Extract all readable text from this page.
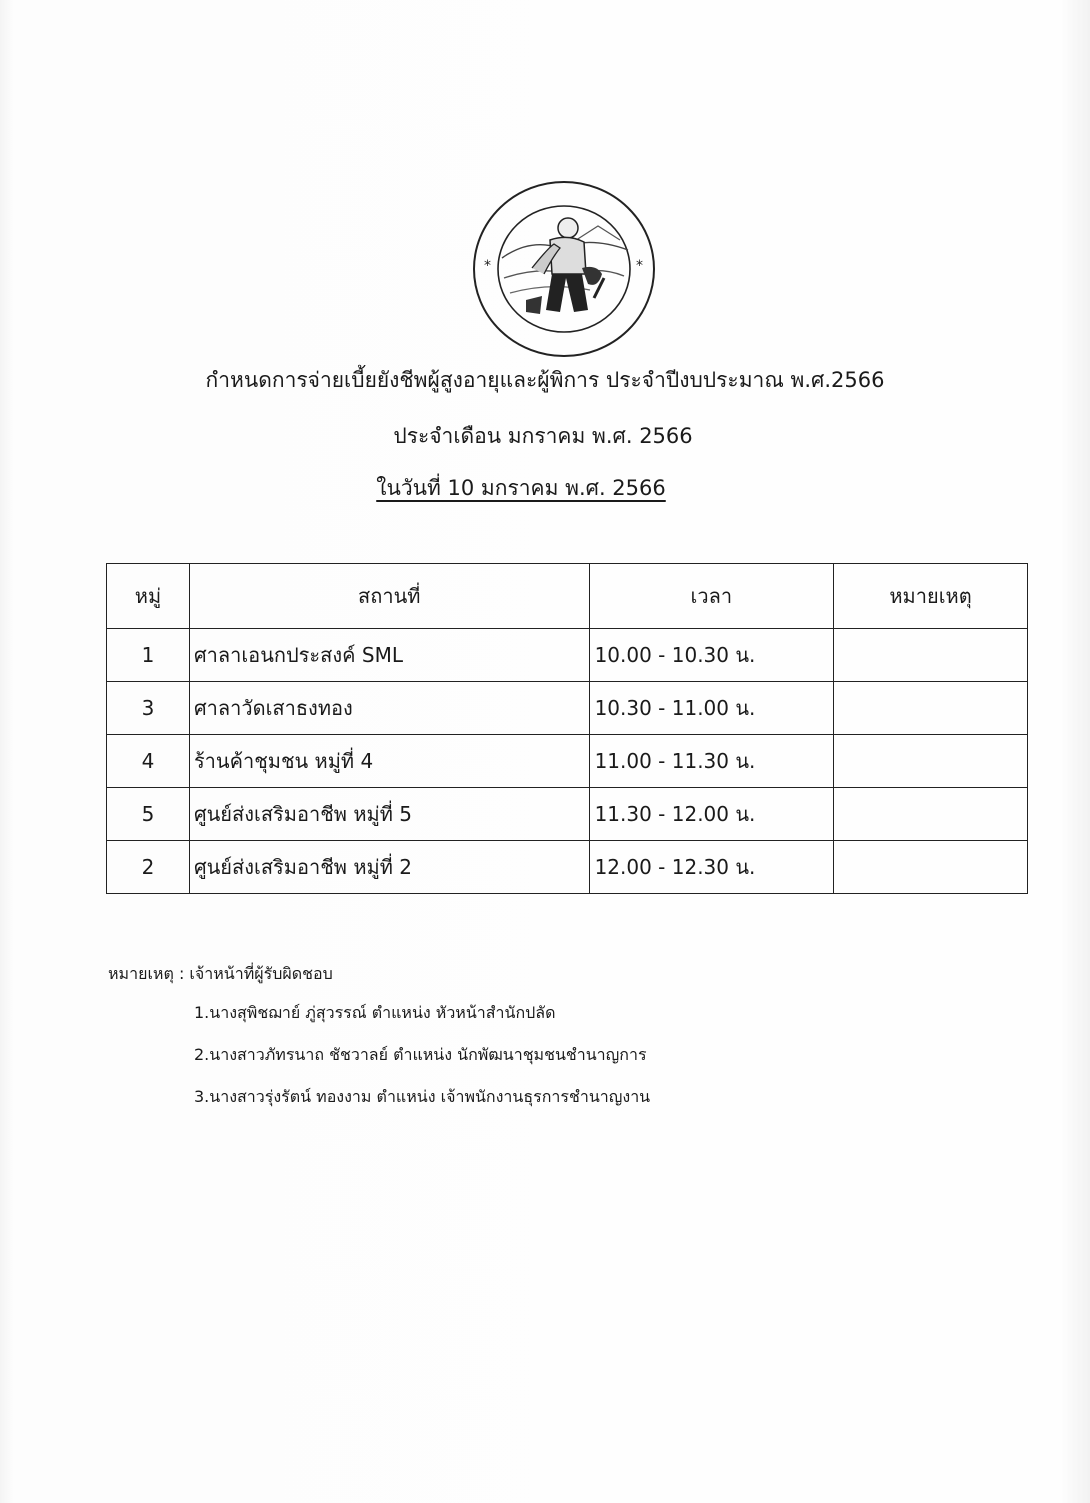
*	*
กำหนดการจ่ายเบี้ยยังชีพผู้สูงอายุและผู้พิการ ประจำปีงบประมาณ พ.ศ.2566
ประจำเดือน มกราคม พ.ศ. 2566
ในวันที่ 10 มกราคม พ.ศ. 2566
หมู่	สถานที่	เวลา	หมายเหตุ
1	ศาลาเอนกประสงค์ SML	10.00 - 10.30 น.	
3	ศาลาวัดเสาธงทอง	10.30 - 11.00 น.	
4	ร้านค้าชุมชน หมู่ที่ 4	11.00 - 11.30 น.	
5	ศูนย์ส่งเสริมอาชีพ หมู่ที่ 5	11.30 - 12.00 น.	
2	ศูนย์ส่งเสริมอาชีพ หมู่ที่ 2	12.00 - 12.30 น.	
หมายเหตุ : เจ้าหน้าที่ผู้รับผิดชอบ
1.นางสุพิชฌาย์ ภู่สุวรรณ์ ตำแหน่ง หัวหน้าสำนักปลัด
2.นางสาวภัทรนาถ ชัชวาลย์ ตำแหน่ง นักพัฒนาชุมชนชำนาญการ
3.นางสาวรุ่งรัตน์ ทองงาม ตำแหน่ง เจ้าพนักงานธุรการชำนาญงาน
